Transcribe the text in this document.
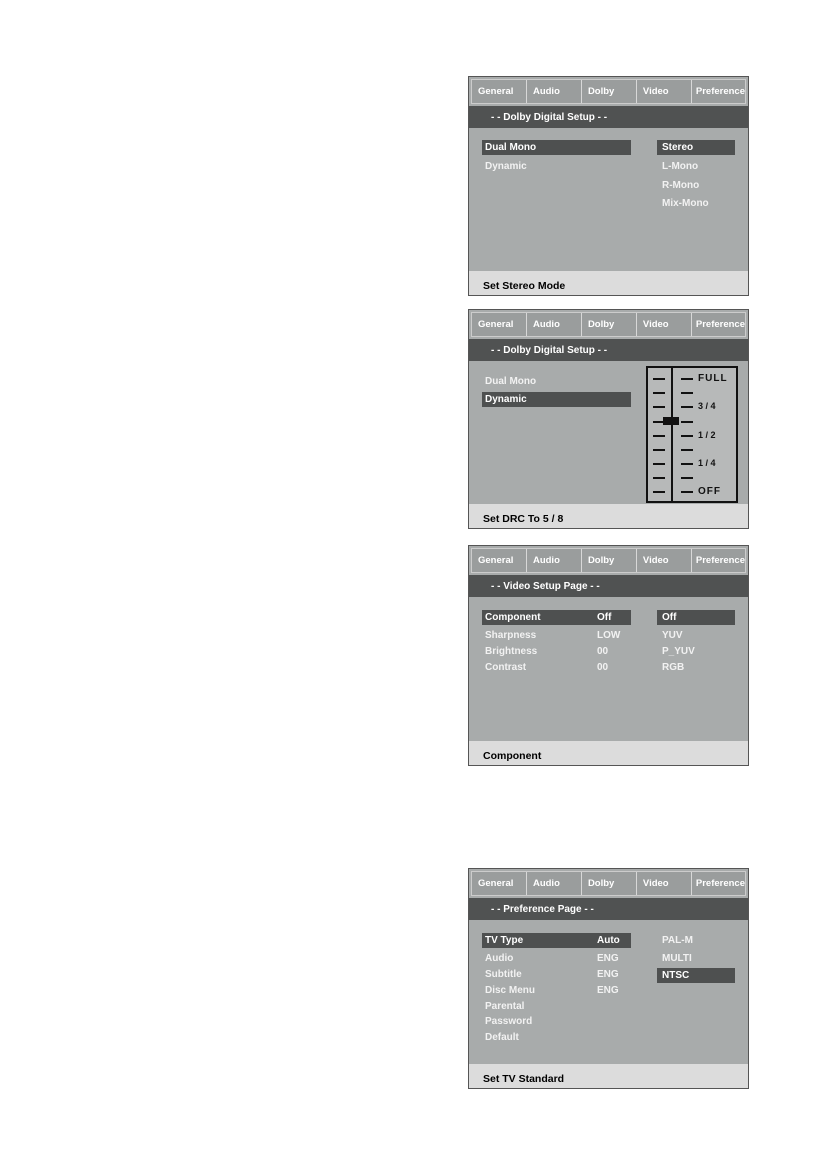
General	Audio	Dolby	Video	Preference
- - Dolby Digital Setup - -
Dual Mono
Dynamic
Stereo
L-Mono
R-Mono
Mix-Mono
Set Stereo Mode
General	Audio	Dolby	Video	Preference
- - Dolby Digital Setup - -
Dual Mono
Dynamic
FULL
3 / 4
1 / 2
1 / 4
OFF
Set DRC To 5 / 8
General	Audio	Dolby	Video	Preference
- - Video Setup Page - -
Component	Off
Sharpness	LOW
Brightness	00
Contrast	00
Off
YUV
P_YUV
RGB
Component
General	Audio	Dolby	Video	Preference
- - Preference Page - -
TV Type	Auto
Audio	ENG
Subtitle	ENG
Disc Menu	ENG
Parental
Password
Default
PAL-M
MULTI
NTSC
Set TV Standard
